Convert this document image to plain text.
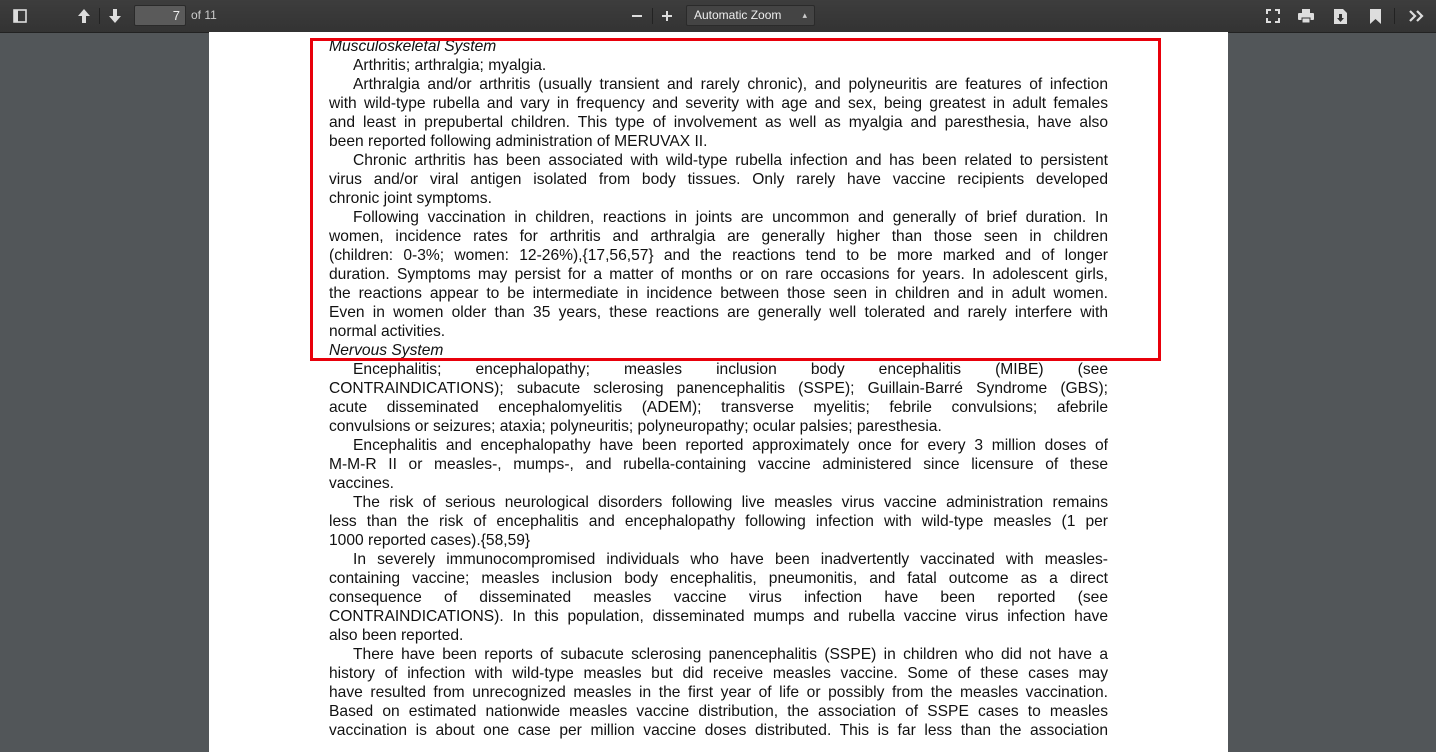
7 of 11	Automatic Zoom ▴

Musculoskeletal System
Arthritis; arthralgia; myalgia.
Arthralgia and/or arthritis (usually transient and rarely chronic), and polyneuritis are features of infection
with wild-type rubella and vary in frequency and severity with age and sex, being greatest in adult females
and least in prepubertal children. This type of involvement as well as myalgia and paresthesia, have also
been reported following administration of MERUVAX II.
Chronic arthritis has been associated with wild-type rubella infection and has been related to persistent
virus and/or viral antigen isolated from body tissues. Only rarely have vaccine recipients developed
chronic joint symptoms.
Following vaccination in children, reactions in joints are uncommon and generally of brief duration. In
women, incidence rates for arthritis and arthralgia are generally higher than those seen in children
(children: 0-3%; women: 12-26%),{17,56,57} and the reactions tend to be more marked and of longer
duration. Symptoms may persist for a matter of months or on rare occasions for years. In adolescent girls,
the reactions appear to be intermediate in incidence between those seen in children and in adult women.
Even in women older than 35 years, these reactions are generally well tolerated and rarely interfere with
normal activities.
Nervous System
Encephalitis; encephalopathy; measles inclusion body encephalitis (MIBE) (see
CONTRAINDICATIONS); subacute sclerosing panencephalitis (SSPE); Guillain-Barré Syndrome (GBS);
acute disseminated encephalomyelitis (ADEM); transverse myelitis; febrile convulsions; afebrile
convulsions or seizures; ataxia; polyneuritis; polyneuropathy; ocular palsies; paresthesia.
Encephalitis and encephalopathy have been reported approximately once for every 3 million doses of
M-M-R II or measles-, mumps-, and rubella-containing vaccine administered since licensure of these
vaccines.
The risk of serious neurological disorders following live measles virus vaccine administration remains
less than the risk of encephalitis and encephalopathy following infection with wild-type measles (1 per
1000 reported cases).{58,59}
In severely immunocompromised individuals who have been inadvertently vaccinated with measles-
containing vaccine; measles inclusion body encephalitis, pneumonitis, and fatal outcome as a direct
consequence of disseminated measles vaccine virus infection have been reported (see
CONTRAINDICATIONS). In this population, disseminated mumps and rubella vaccine virus infection have
also been reported.
There have been reports of subacute sclerosing panencephalitis (SSPE) in children who did not have a
history of infection with wild-type measles but did receive measles vaccine. Some of these cases may
have resulted from unrecognized measles in the first year of life or possibly from the measles vaccination.
Based on estimated nationwide measles vaccine distribution, the association of SSPE cases to measles
vaccination is about one case per million vaccine doses distributed. This is far less than the association
